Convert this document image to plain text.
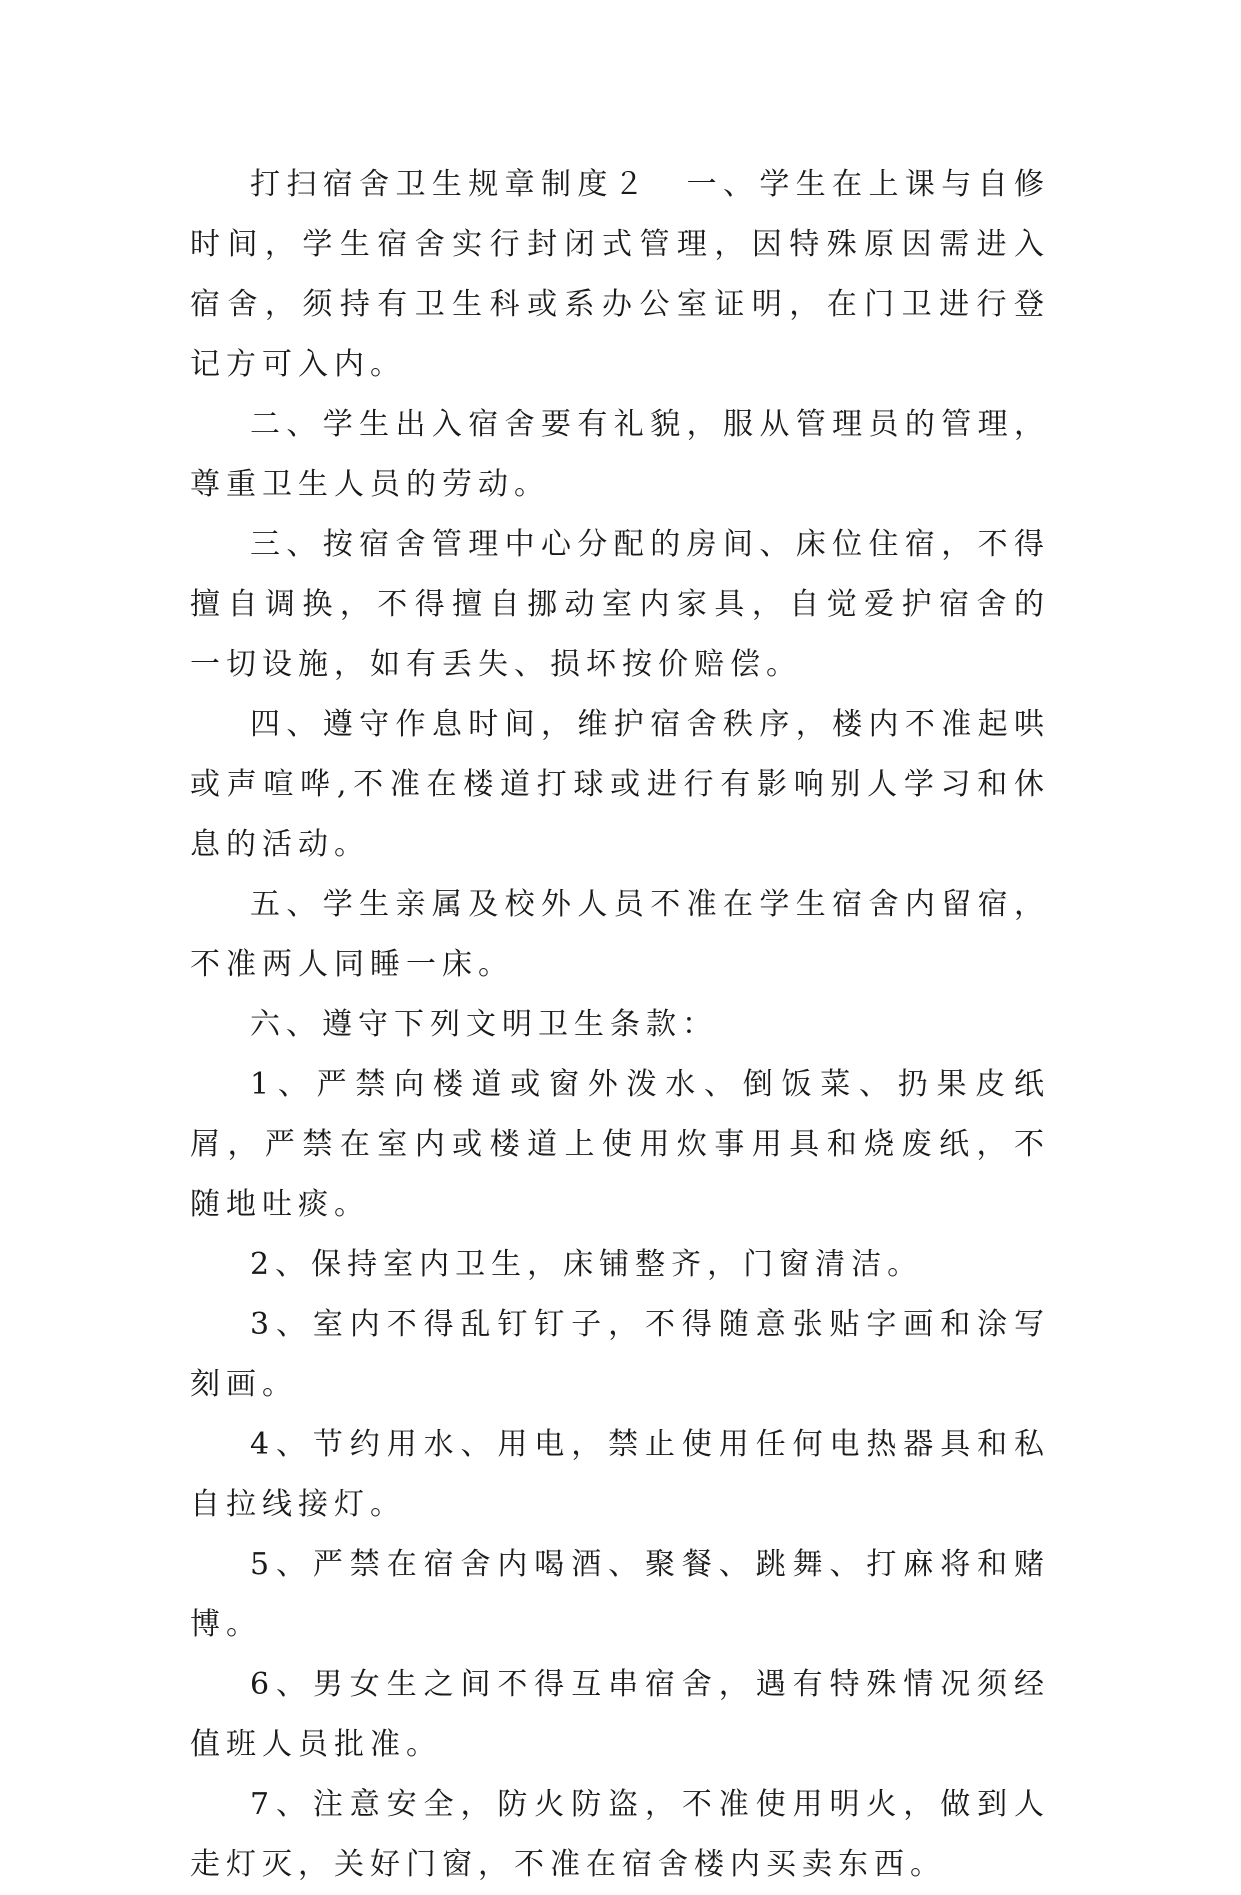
打扫宿舍卫生规章制度２ 一、学生在上课与自修时间，学生宿舍实行封闭式管理，因特殊原因需进入宿舍，须持有卫生科或系办公室证明，在门卫进行登记方可入内。

二、学生出入宿舍要有礼貌，服从管理员的管理，尊重卫生人员的劳动。

三、按宿舍管理中心分配的房间、床位住宿，不得擅自调换，不得擅自挪动室内家具，自觉爱护宿舍的一切设施，如有丢失、损坏按价赔偿。

四、遵守作息时间，维护宿舍秩序，楼内不准起哄或声喧哗,不准在楼道打球或进行有影响别人学习和休息的活动。

五、学生亲属及校外人员不准在学生宿舍内留宿，不准两人同睡一床。

六、遵守下列文明卫生条款：

1、严禁向楼道或窗外泼水、倒饭菜、扔果皮纸屑，严禁在室内或楼道上使用炊事用具和烧废纸，不随地吐痰。

2、保持室内卫生，床铺整齐，门窗清洁。

3、室内不得乱钉钉子，不得随意张贴字画和涂写刻画。

4、节约用水、用电，禁止使用任何电热器具和私自拉线接灯。

5、严禁在宿舍内喝酒、聚餐、跳舞、打麻将和赌博。

6、男女生之间不得互串宿舍，遇有特殊情况须经值班人员批准。

7、注意安全，防火防盗，不准使用明火，做到人走灯灭，关好门窗，不准在宿舍楼内买卖东西。
